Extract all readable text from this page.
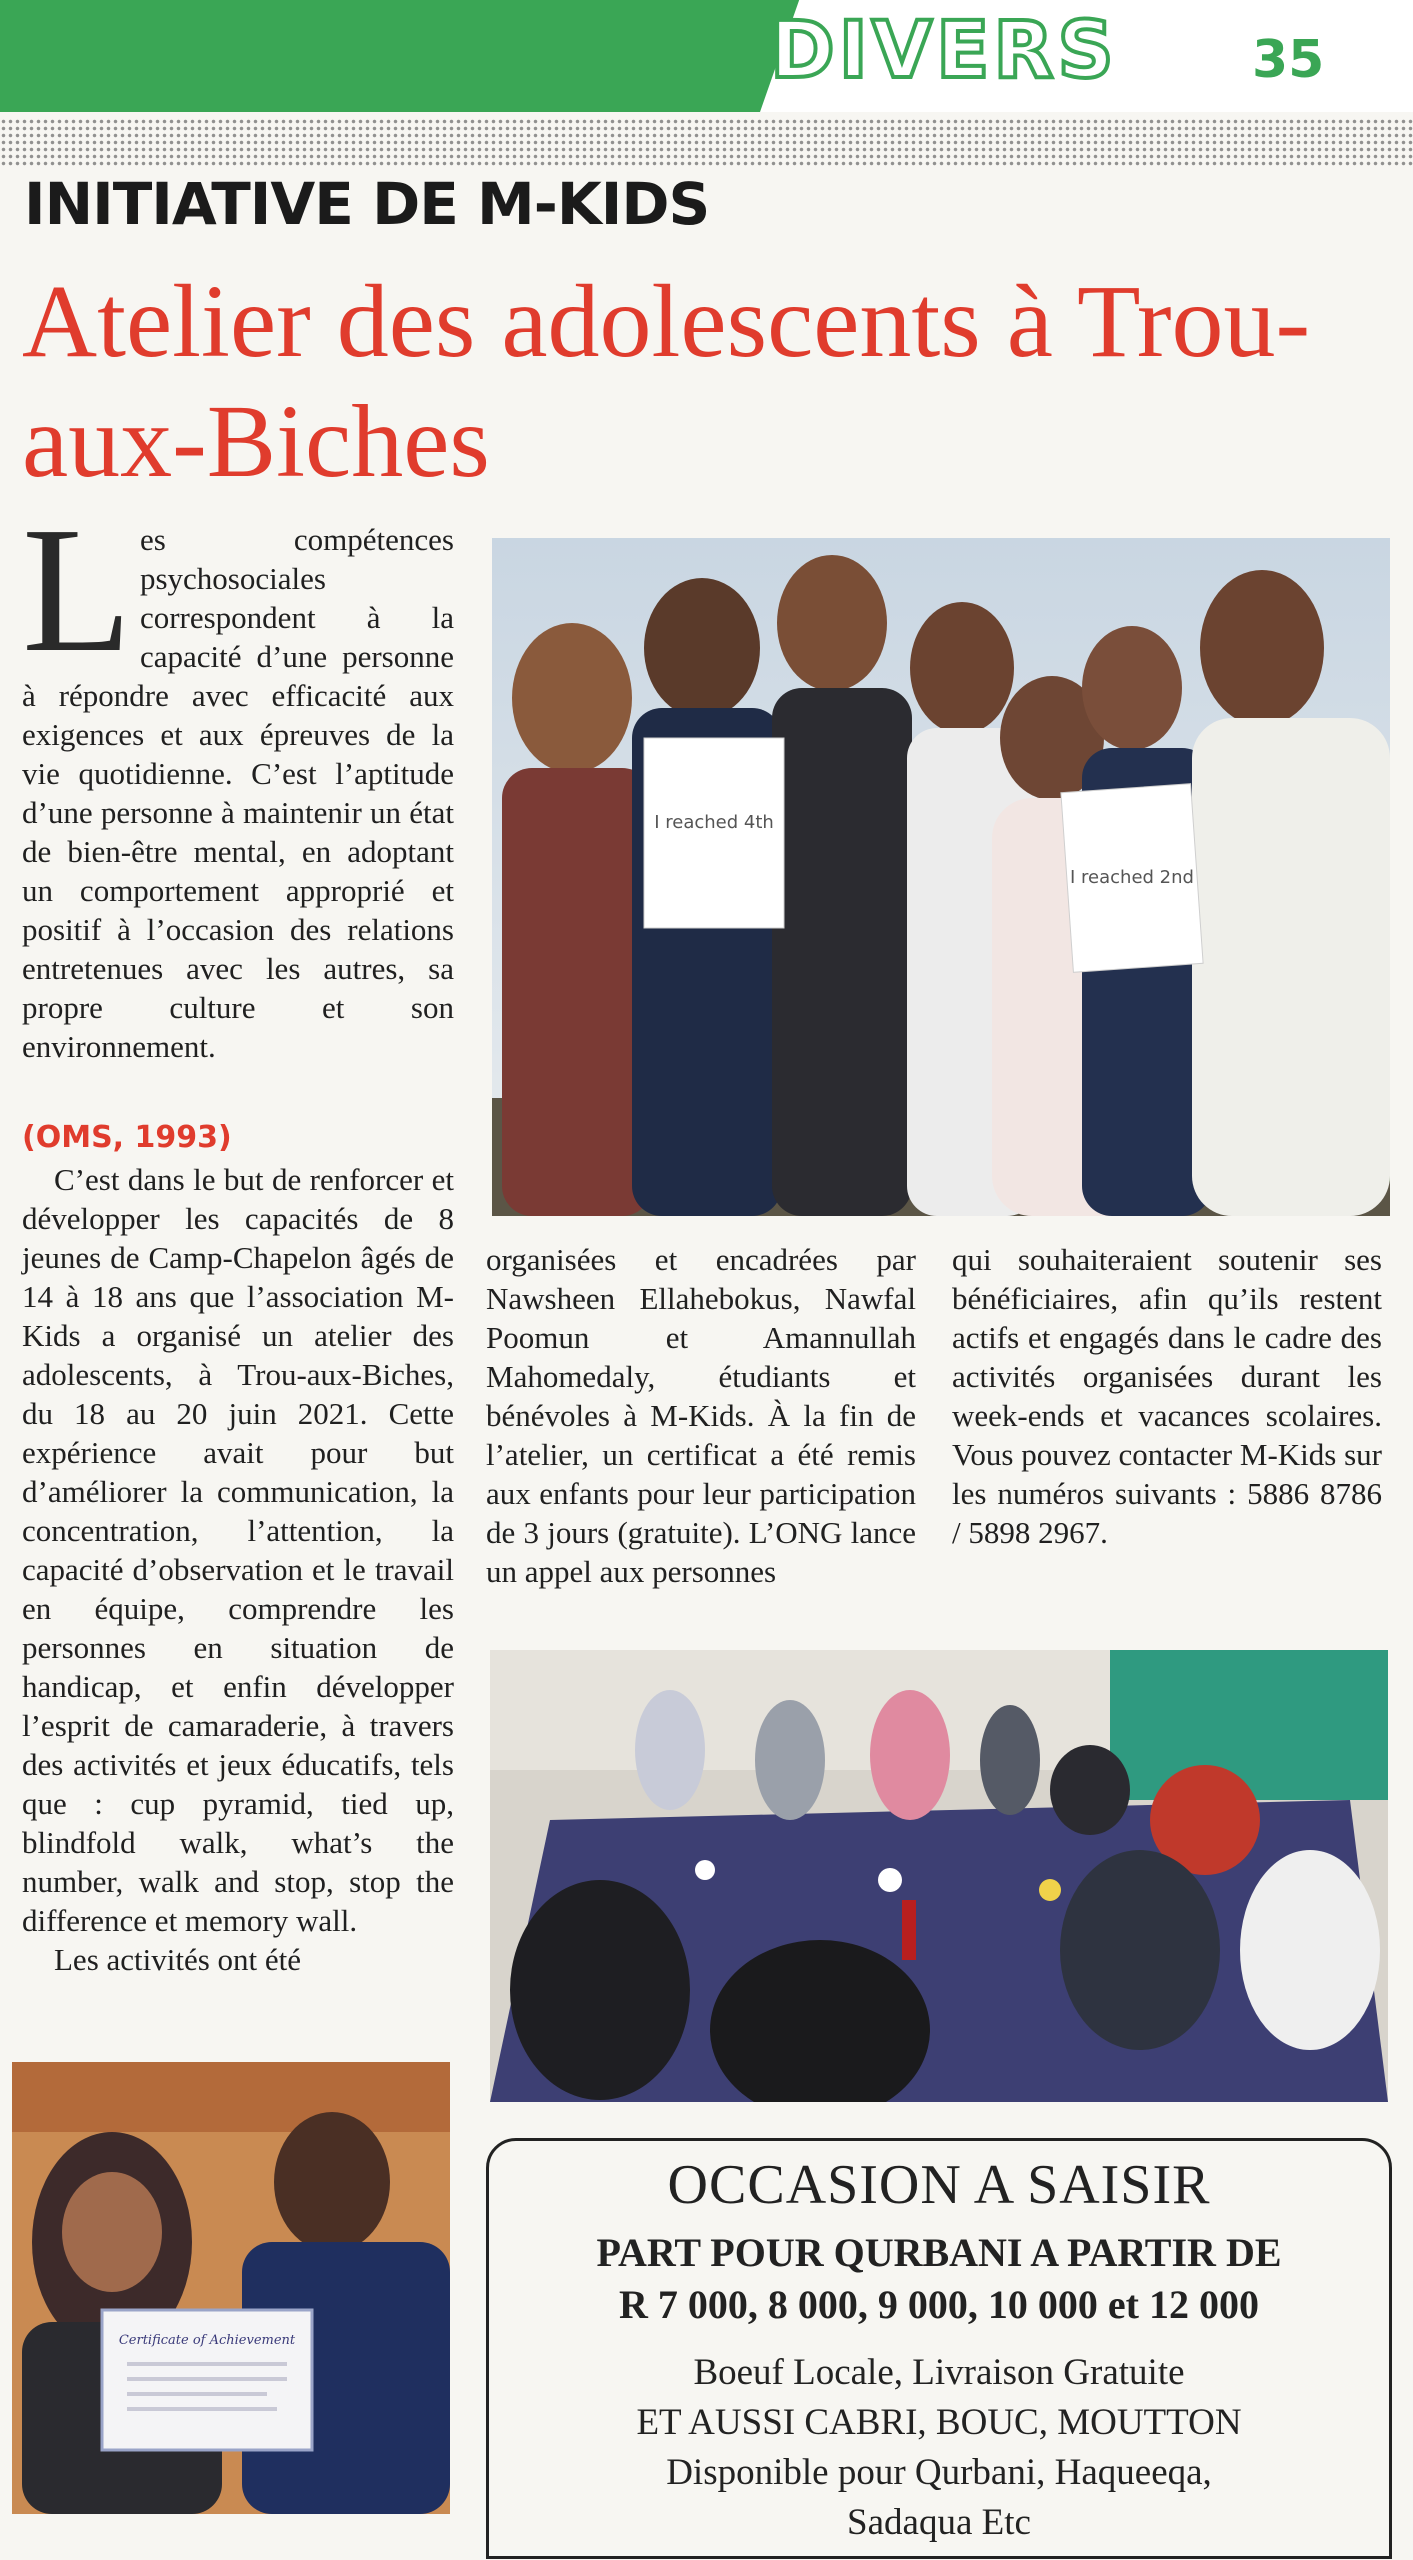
DIVERS	35
INITIATIVE DE M-KIDS
Atelier des adolescents à Trou-aux-Biches

Les compétences psychosociales correspondent à la capacité d’une personne à répondre avec efficacité aux exigences et aux épreuves de la vie quotidienne. C’est l’aptitude d’une personne à maintenir un état de bien-être mental, en adoptant un comportement approprié et positif à l’occasion des relations entretenues avec les autres, sa propre culture et son environnement.

(OMS, 1993)

C’est dans le but de renforcer et développer les capacités de 8 jeunes de Camp-Chapelon âgés de 14 à 18 ans que l’association M-Kids a organisé un atelier des adolescents, à Trou-aux-Biches, du 18 au 20 juin 2021. Cette expérience avait pour but d’améliorer la communication, la concentration, l’attention, la capacité d’observation et le travail en équipe, comprendre les personnes en situation de handicap, et enfin développer l’esprit de camaraderie, à travers des activités et jeux éducatifs, tels que : cup pyramid, tied up, blindfold walk, what’s the number, walk and stop, stop the difference et memory wall.

Les activités ont été

organisées et encadrées par Nawsheen Ellahebokus, Nawfal Poomun et Amannullah Mahomedaly, étudiants et bénévoles à M-Kids. À la fin de l’atelier, un certificat a été remis aux enfants pour leur participation de 3 jours (gratuite). L’ONG lance un appel aux personnes

qui souhaiteraient soutenir ses bénéficiaires, afin qu’ils restent actifs et engagés dans le cadre des activités organisées durant les week-ends et vacances scolaires. Vous pouvez contacter M-Kids sur les numéros suivants : 5886 8786 / 5898 2967.

I reached 4th
I reached 2nd
Certificate of Achievement
OCCASION A SAISIR
PART POUR QURBANI A PARTIR DE
R 7 000, 8 000, 9 000, 10 000 et 12 000
Boeuf Locale, Livraison Gratuite
ET AUSSI CABRI, BOUC, MOUTTON
Disponible pour Qurbani, Haqueeqa,
Sadaqua Etc
